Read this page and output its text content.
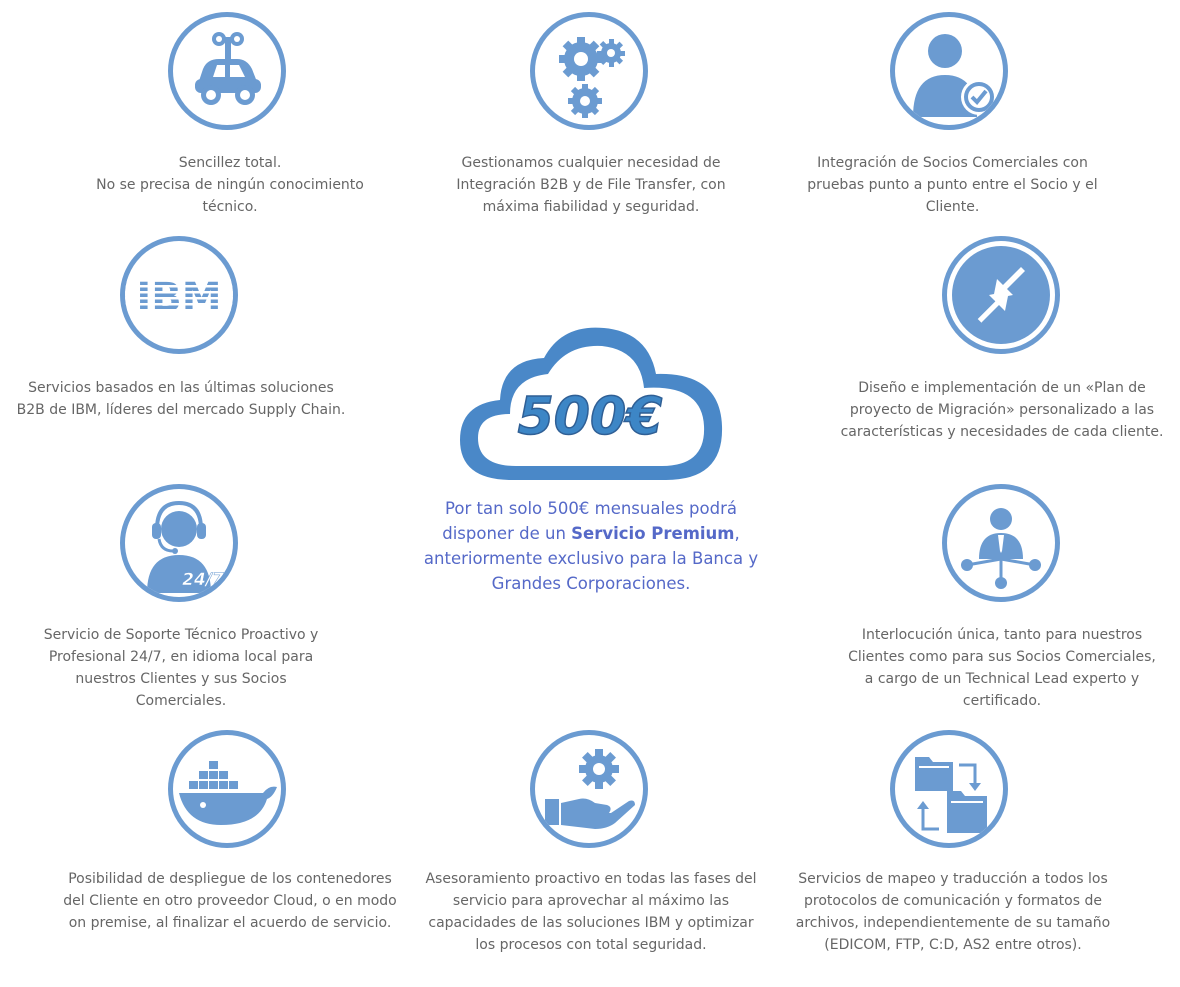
Sencillez total.
No se precisa de ningún conocimiento técnico.

Gestionamos cualquier necesidad de Integración B2B y de File Transfer, con máxima fiabilidad y seguridad.

Integración de Socios Comerciales con pruebas punto a punto entre el Socio y el Cliente.

Servicios basados en las últimas soluciones B2B de IBM, líderes del mercado Supply Chain.

Diseño e implementación de un «Plan de proyecto de Migración» personalizado a las características y necesidades de cada cliente.

500€

Por tan solo 500€ mensuales podrá disponer de un Servicio Premium, anteriormente exclusivo para la Banca y Grandes Corporaciones.

24/7

Servicio de Soporte Técnico Proactivo y Profesional 24/7, en idioma local para nuestros Clientes y sus Socios Comerciales.

Interlocución única, tanto para nuestros Clientes como para sus Socios Comerciales, a cargo de un Technical Lead experto y certificado.

Posibilidad de despliegue de los contenedores del Cliente en otro proveedor Cloud, o en modo on premise, al finalizar el acuerdo de servicio.

Asesoramiento proactivo en todas las fases del servicio para aprovechar al máximo las capacidades de las soluciones IBM y optimizar los procesos con total seguridad.

Servicios de mapeo y traducción a todos los protocolos de comunicación y formatos de archivos, independientemente de su tamaño (EDICOM, FTP, C:D, AS2 entre otros).
